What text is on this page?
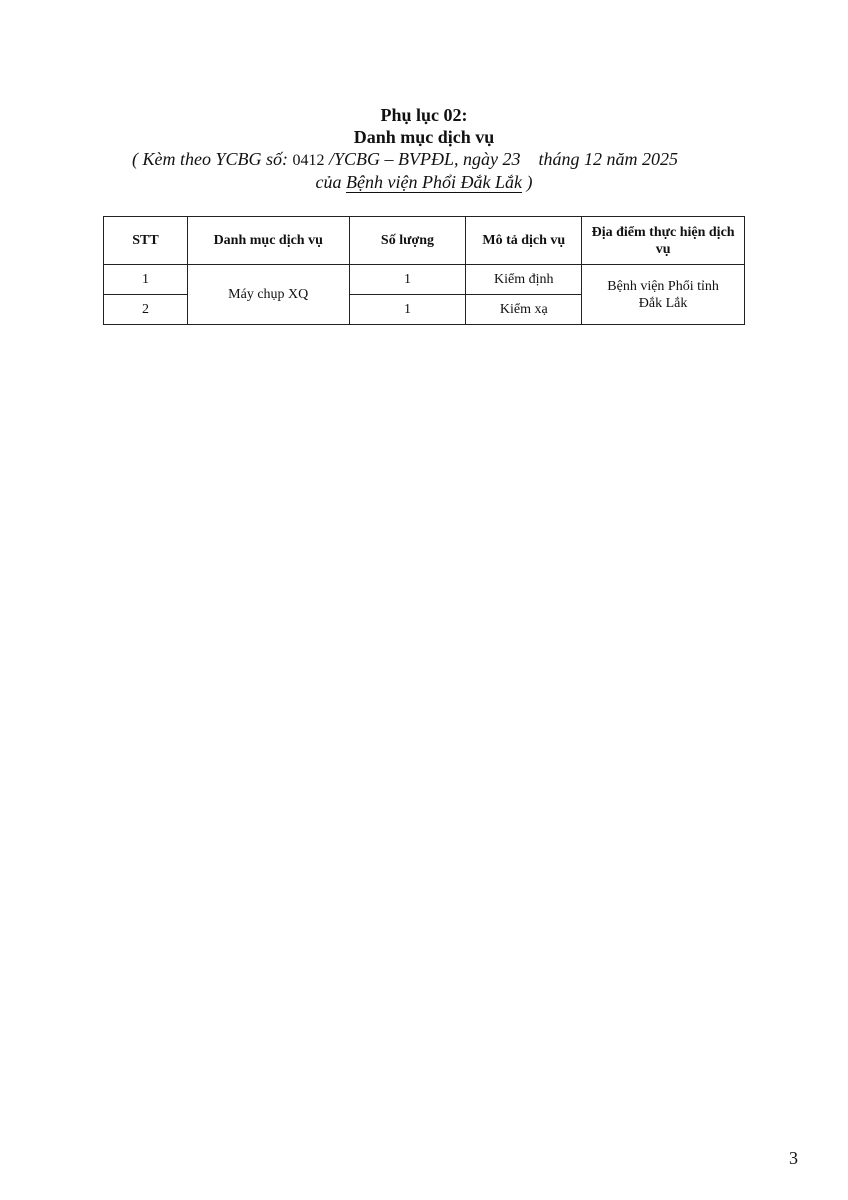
Phụ lục 02:
Danh mục dịch vụ
( Kèm theo YCBG số: 0412 /YCBG – BVPĐL, ngày 23    tháng 12 năm 2025
của Bệnh viện Phổi Đắk Lắk )
STT	Danh mục dịch vụ	Số lượng	Mô tả dịch vụ	Địa điểm thực hiện dịch vụ
1	Máy chụp XQ	1	Kiểm định	Bệnh viện Phổi tỉnh Đắk Lắk
2		1	Kiểm xạ	
3
